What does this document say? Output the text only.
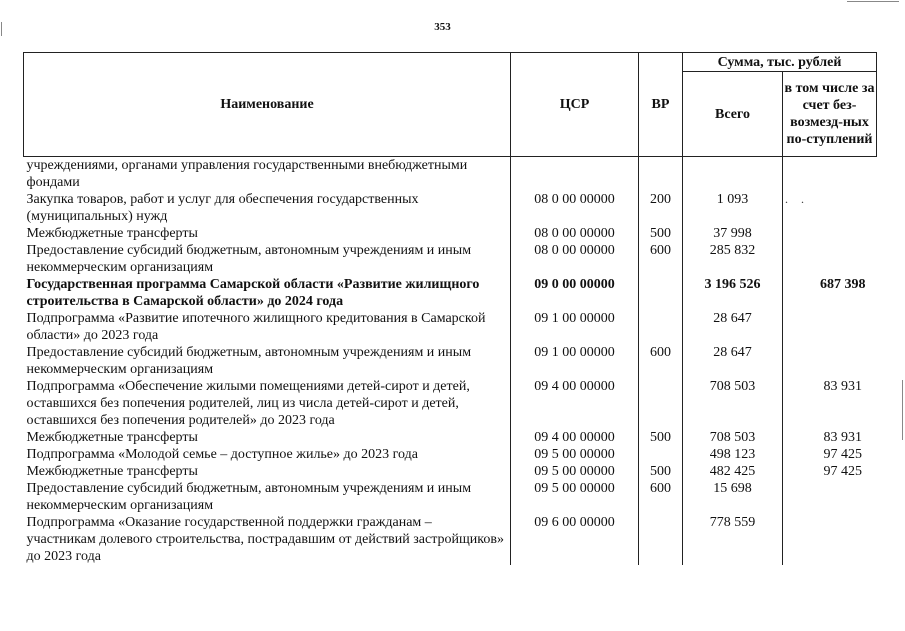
353
Наименование	ЦСР	ВР	Сумма, тыс. рублей	
			Всего	в том числе за счет без-возмезд-ных по-ступлений
учреждениями, органами управления государственными внебюджетными фондами				
Закупка товаров, работ и услуг для обеспечения государственных (муниципальных) нужд	08 0 00 00000	200	1 093	
Межбюджетные трансферты	08 0 00 00000	500	37 998	
Предоставление субсидий бюджетным, автономным учреждениям и иным некоммерческим организациям	08 0 00 00000	600	285 832	
Государственная программа Самарской области «Развитие жилищного строительства в Самарской области» до 2024 года	09 0 00 00000		3 196 526	687 398
Подпрограмма «Развитие ипотечного жилищного кредитования в Самарской области» до 2023 года	09 1 00 00000		28 647	
Предоставление субсидий бюджетным, автономным учреждениям и иным некоммерческим организациям	09 1 00 00000	600	28 647	
Подпрограмма «Обеспечение жилыми помещениями детей-сирот и детей, оставшихся без попечения родителей, лиц из числа детей-сирот и детей, оставшихся без попечения родителей» до 2023 года	09 4 00 00000		708 503	83 931
Межбюджетные трансферты	09 4 00 00000	500	708 503	83 931
Подпрограмма «Молодой семье – доступное жилье» до 2023 года	09 5 00 00000		498 123	97 425
Межбюджетные трансферты	09 5 00 00000	500	482 425	97 425
Предоставление субсидий бюджетным, автономным учреждениям и иным некоммерческим организациям	09 5 00 00000	600	15 698	
Подпрограмма «Оказание государственной поддержки гражданам – участникам долевого строительства, пострадавшим от действий застройщиков» до 2023 года	09 6 00 00000		778 559	
. .
